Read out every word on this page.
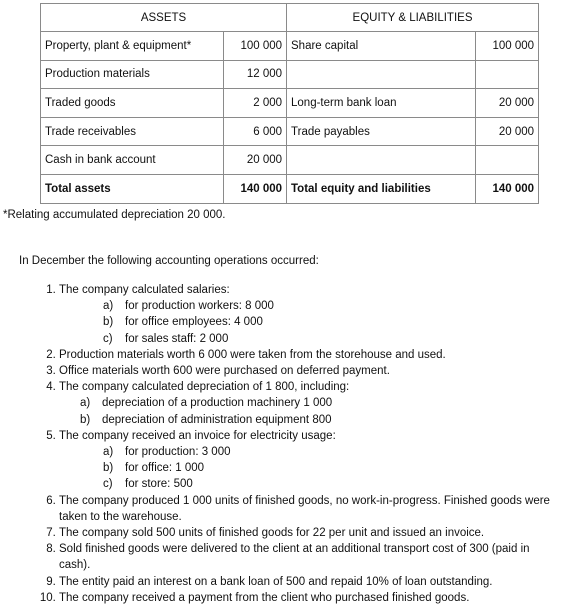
ASSETS		EQUITY & LIABILITIES	
Property, plant & equipment*	100 000	Share capital	100 000
Production materials	12 000		
Traded goods	2 000	Long-term bank loan	20 000
Trade receivables	6 000	Trade payables	20 000
Cash in bank account	20 000		
Total assets	140 000	Total equity and liabilities	140 000
*Relating accumulated depreciation 20 000.
In December the following accounting operations occurred:
1. The company calculated salaries:
a) for production workers: 8 000
b) for office employees: 4 000
c) for sales staff: 2 000
2. Production materials worth 6 000 were taken from the storehouse and used.
3. Office materials worth 600 were purchased on deferred payment.
4. The company calculated depreciation of 1 800, including:
a) depreciation of a production machinery 1 000
b) depreciation of administration equipment 800
5. The company received an invoice for electricity usage:
a) for production: 3 000
b) for office: 1 000
c) for store: 500
6. The company produced 1 000 units of finished goods, no work-in-progress. Finished goods were taken to the warehouse.
7. The company sold 500 units of finished goods for 22 per unit and issued an invoice.
8. Sold finished goods were delivered to the client at an additional transport cost of 300 (paid in cash).
9. The entity paid an interest on a bank loan of 500 and repaid 10% of loan outstanding.
10. The company received a payment from the client who purchased finished goods.
